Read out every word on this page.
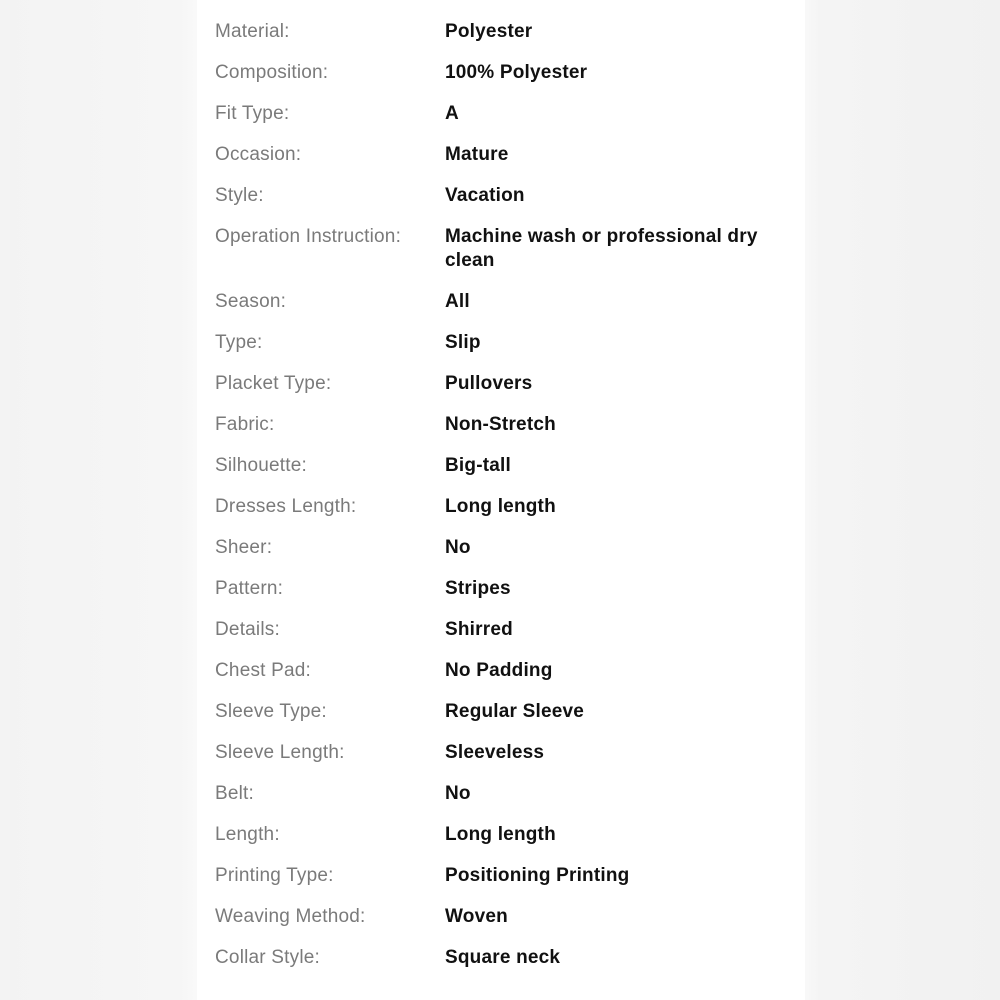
Material:	Polyester
Composition:	100% Polyester
Fit Type:	A
Occasion:	Mature
Style:	Vacation
Operation Instruction:	Machine wash or professional dry clean
Season:	All
Type:	Slip
Placket Type:	Pullovers
Fabric:	Non-Stretch
Silhouette:	Big-tall
Dresses Length:	Long length
Sheer:	No
Pattern:	Stripes
Details:	Shirred
Chest Pad:	No Padding
Sleeve Type:	Regular Sleeve
Sleeve Length:	Sleeveless
Belt:	No
Length:	Long length
Printing Type:	Positioning Printing
Weaving Method:	Woven
Collar Style:	Square neck
